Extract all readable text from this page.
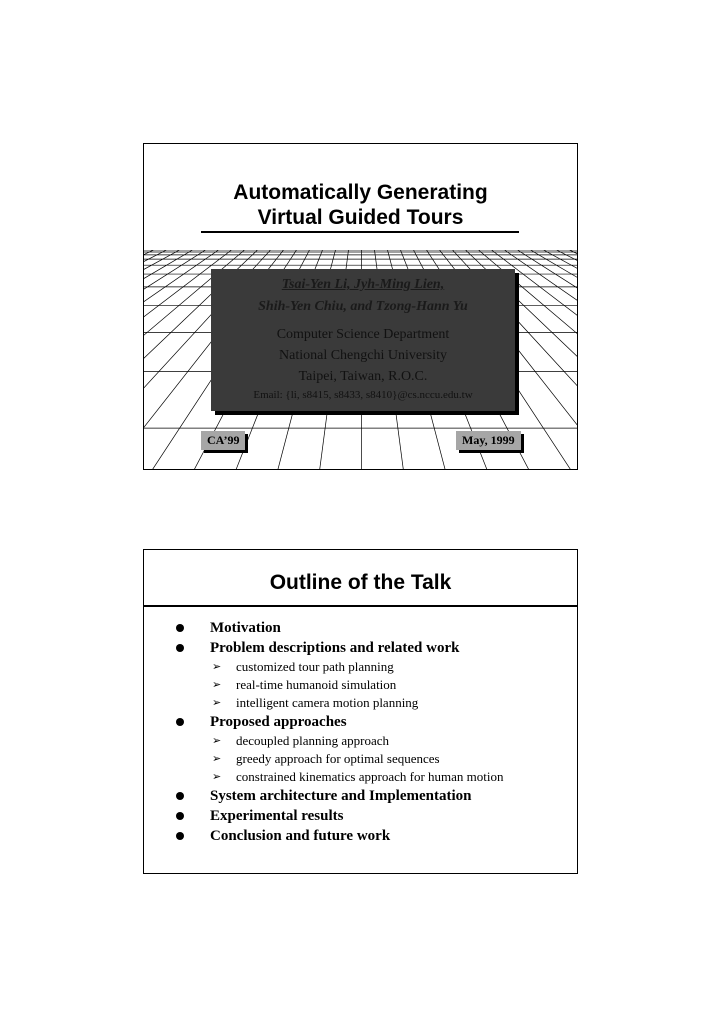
Automatically Generating
Virtual Guided Tours
Tsai-Yen Li, Jyh-Ming Lien,
Shih-Yen Chiu, and Tzong-Hann Yu
Computer Science Department
National Chengchi University
Taipei, Taiwan, R.O.C.
Email: {li, s8415, s8433, s8410}@cs.nccu.edu.tw
CA’99	May, 1999
Outline of the Talk
Motivation
Problem descriptions and related work
➢ customized tour path planning
➢ real-time humanoid simulation
➢ intelligent camera motion planning
Proposed approaches
➢ decoupled planning approach
➢ greedy approach for optimal sequences
➢ constrained kinematics approach for human motion
System architecture and Implementation
Experimental results
Conclusion and future work
